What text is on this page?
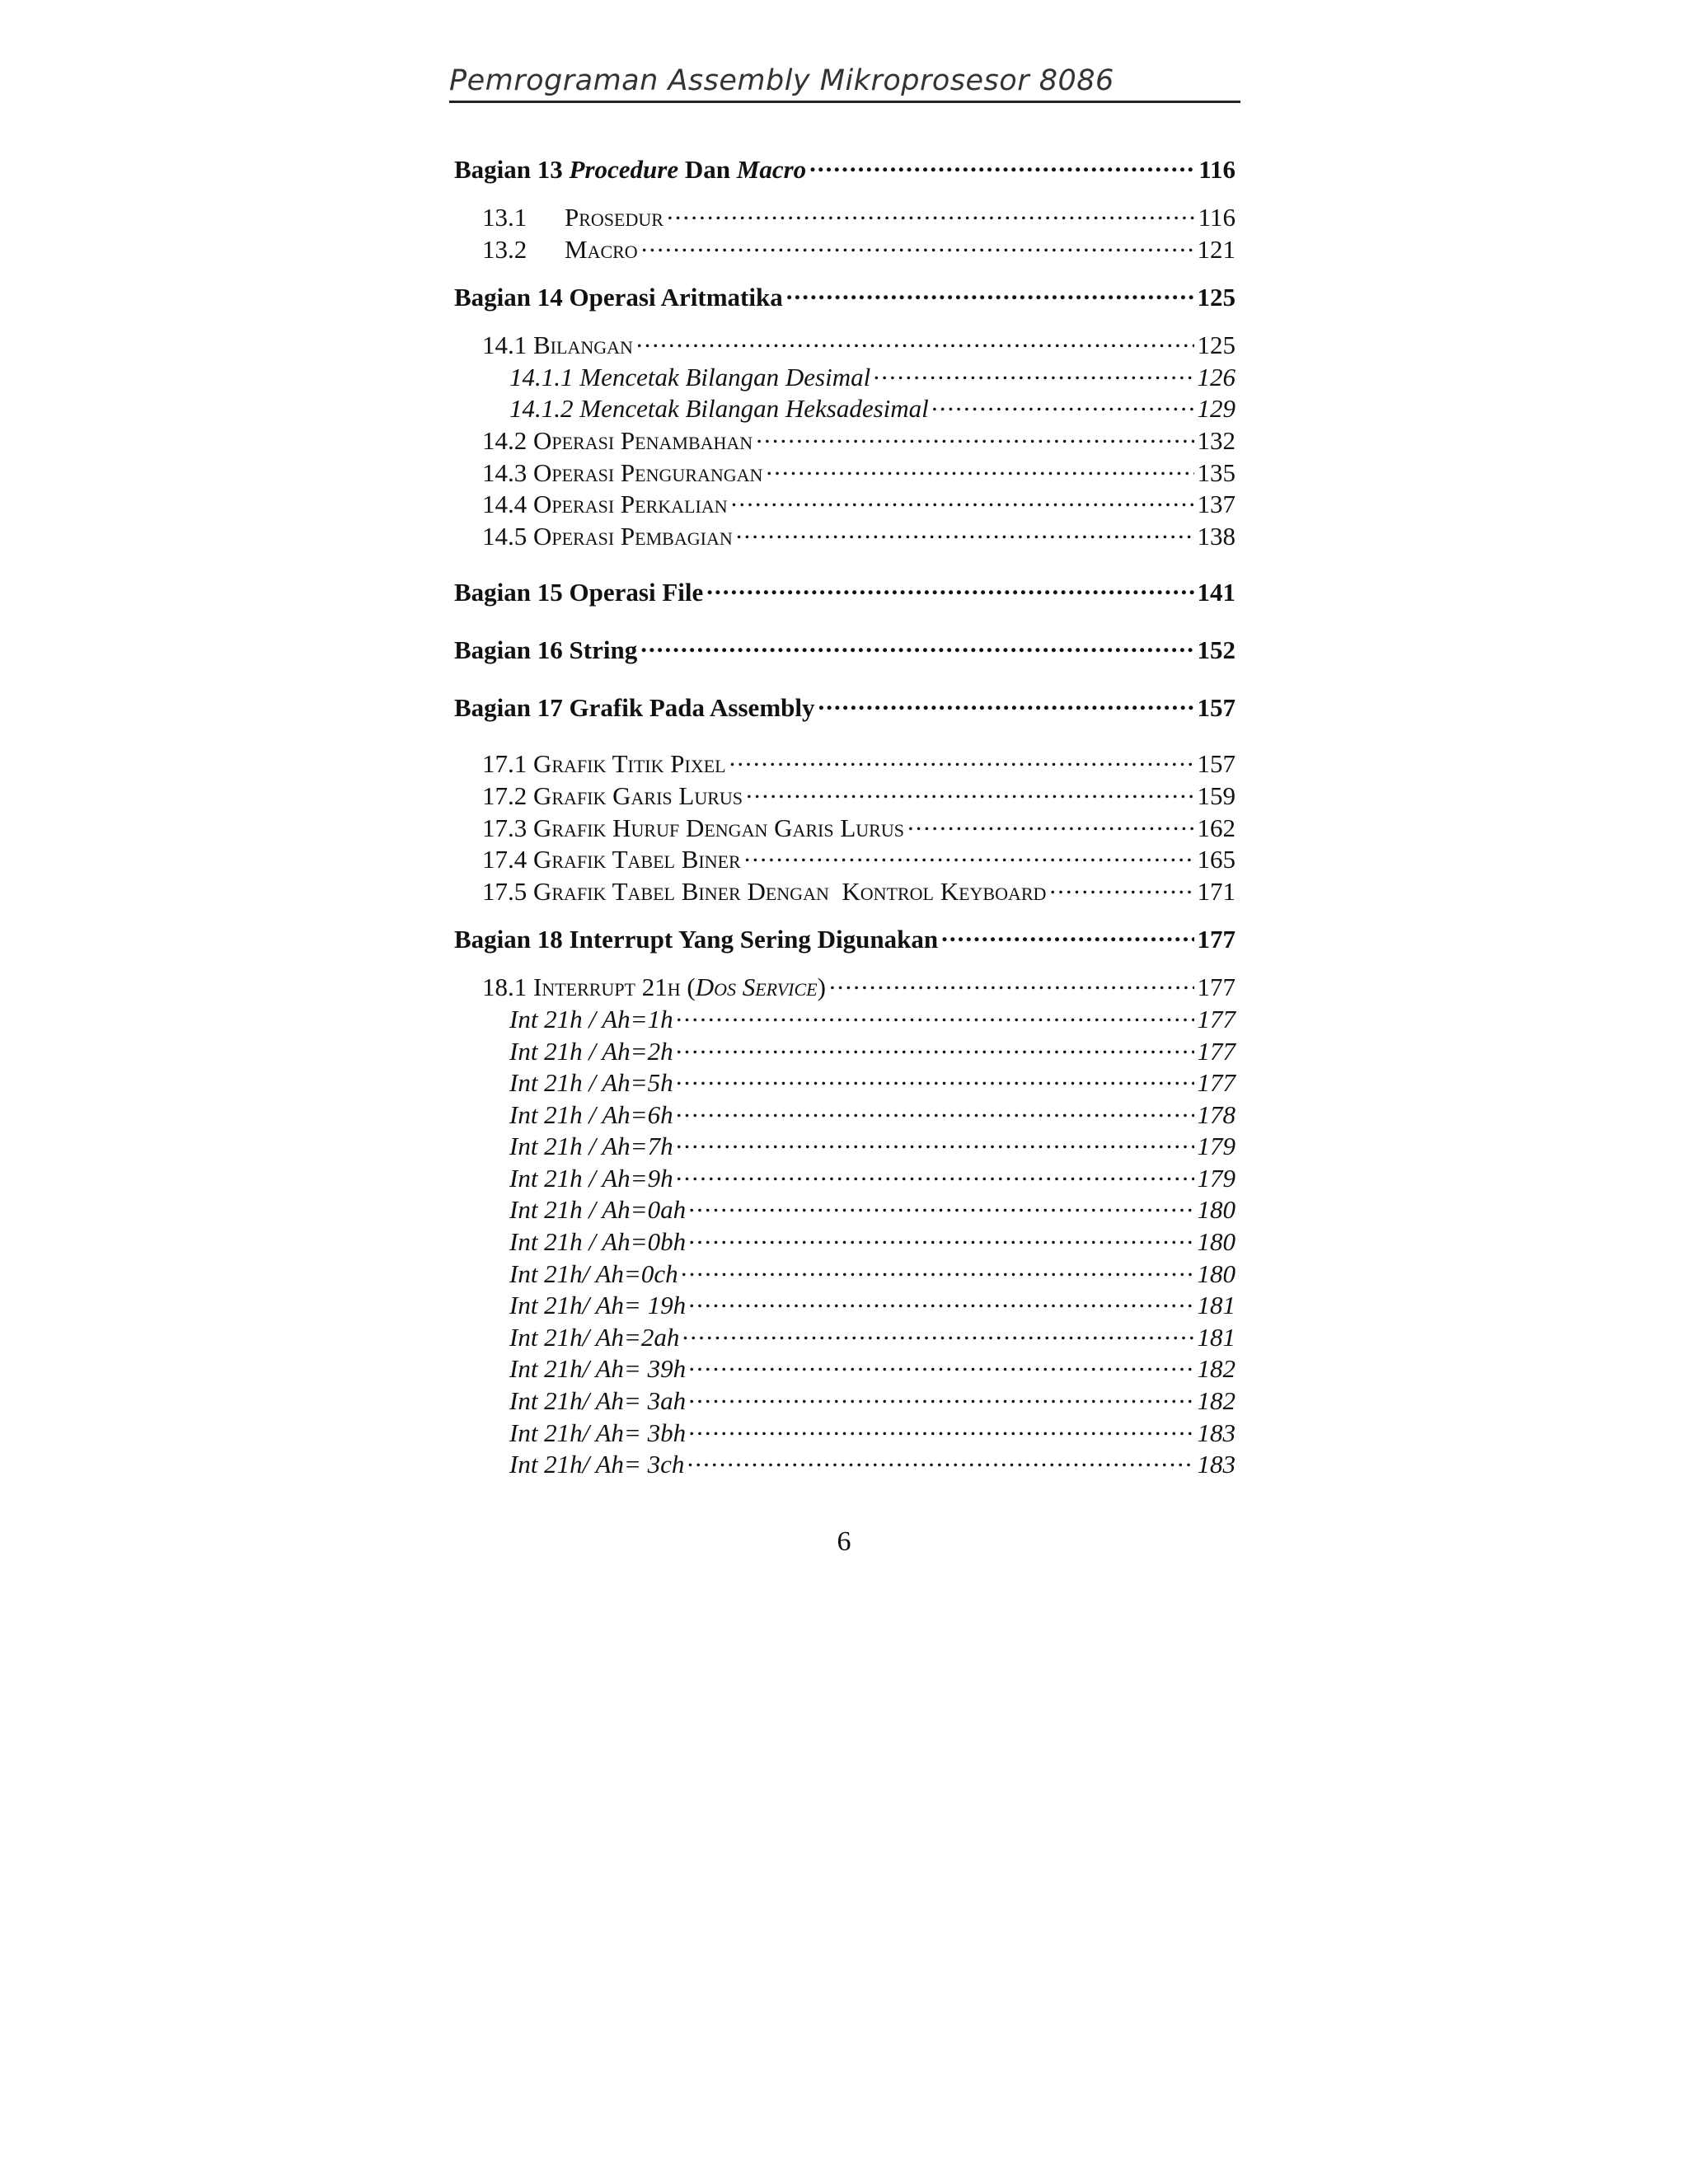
Pemrograman Assembly Mikroprosesor 8086
Bagian 13 Procedure Dan Macro .....	116
13.1 Prosedur .....	116
13.2 Macro .....	121
Bagian 14 Operasi Aritmatika .....	125
14.1 Bilangan .....	125
14.1.1 Mencetak Bilangan Desimal .....	126
14.1.2 Mencetak Bilangan Heksadesimal .....	129
14.2 Operasi Penambahan .....	132
14.3 Operasi Pengurangan .....	135
14.4 Operasi Perkalian .....	137
14.5 Operasi Pembagian .....	138
Bagian 15 Operasi File .....	141
Bagian 16 String .....	152
Bagian 17 Grafik Pada Assembly .....	157
17.1 Grafik Titik Pixel .....	157
17.2 Grafik Garis Lurus .....	159
17.3 Grafik Huruf Dengan Garis Lurus .....	162
17.4 Grafik Tabel Biner .....	165
17.5 Grafik Tabel Biner Dengan  Kontrol Keyboard .....	171
Bagian 18 Interrupt Yang Sering Digunakan .....	177
18.1 Interrupt 21h (Dos Service) .....	177
Int 21h / Ah=1h .....	177
Int 21h / Ah=2h .....	177
Int 21h / Ah=5h .....	177
Int 21h / Ah=6h .....	178
Int 21h / Ah=7h .....	179
Int 21h / Ah=9h .....	179
Int 21h / Ah=0ah .....	180
Int 21h / Ah=0bh .....	180
Int 21h/ Ah=0ch .....	180
Int 21h/ Ah= 19h .....	181
Int 21h/ Ah=2ah .....	181
Int 21h/ Ah= 39h .....	182
Int 21h/ Ah= 3ah .....	182
Int 21h/ Ah= 3bh .....	183
Int 21h/ Ah= 3ch .....	183
6
